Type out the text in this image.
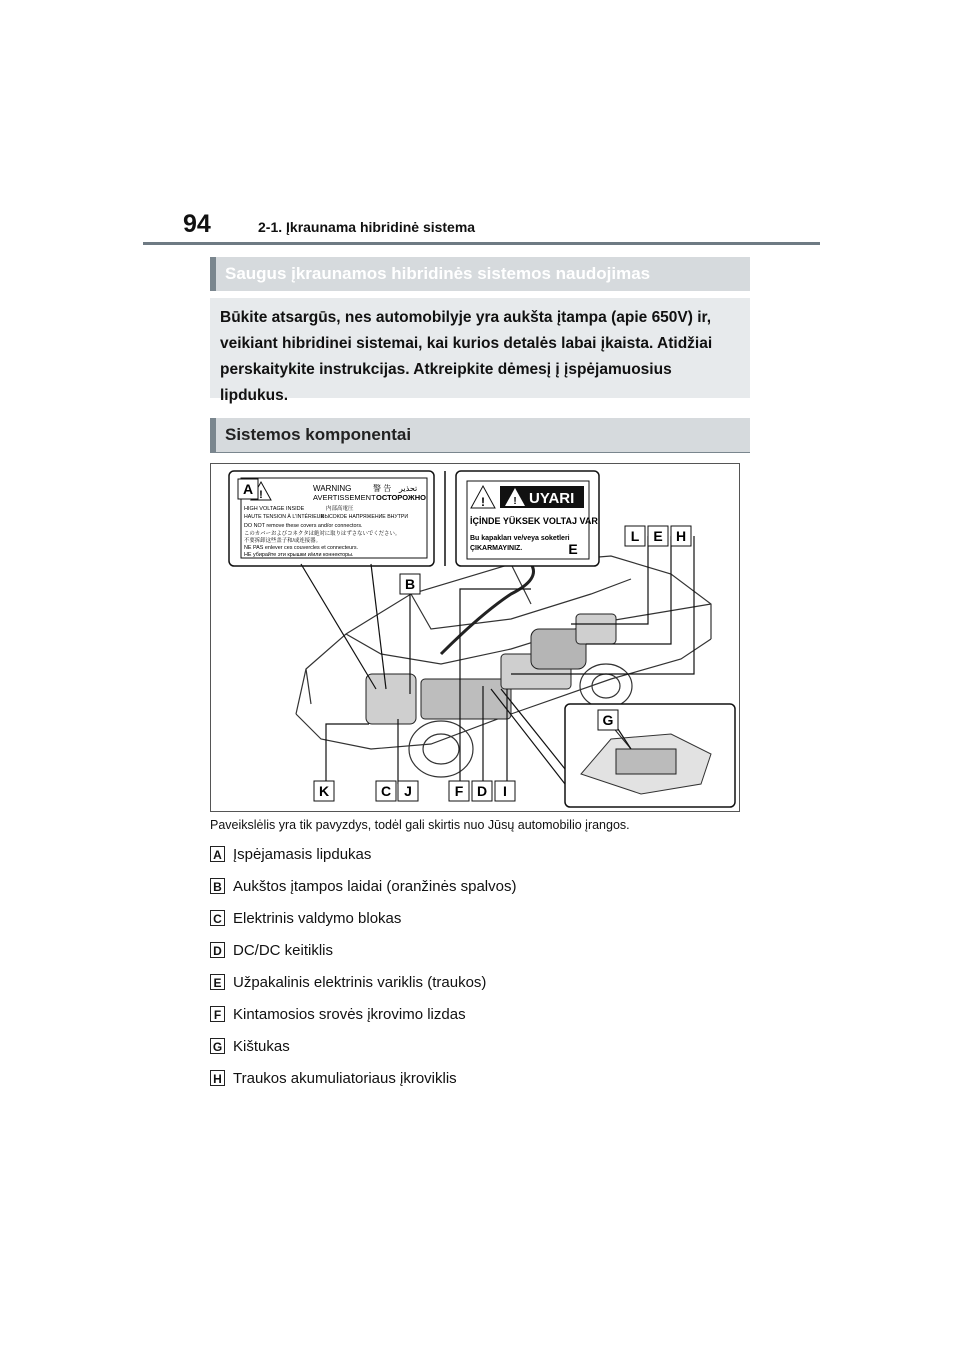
94	2-1. Įkraunama hibridinė sistema
Saugus įkraunamos hibridinės sistemos naudojimas
Būkite atsargūs, nes automobilyje yra aukšta įtampa (apie 650V) ir,
veikiant hibridinei sistemai, kai kurios detalės labai įkaista. Atidžiai
perskaitykite instrukcijas. Atkreipkite dėmesį į įspėjamuosius
lipdukus.
Sistemos komponentai
!
WARNING	警 告 تحذير
AVERTISSEMENT ОСТОРОЖНО
HIGH VOLTAGE INSIDE	内部高電圧
HAUTE TENSION À L'INTÉRIEUR
ВЫСОКОЕ НАПРЯЖЕНИЕ ВНУТРИ
DO NOT remove these covers and/or connectors.
このカバーおよびコネクタは絶対に取りはずさないでください。
不要拆卸这些盖子和/或连接器。
NE PAS enlever ces couvercles et connecteurs.
НЕ убирайте эти крышки и/или коннекторы.
!	! UYARI
İÇİNDE YÜKSEK VOLTAJ VAR
Bu kapakları ve/veya soketleri
ÇIKARMAYINIZ.
A
E
B
L E H
G
K	C J	F D I
Paveikslėlis yra tik pavyzdys, todėl gali skirtis nuo Jūsų automobilio įrangos.
A Įspėjamasis lipdukas
B Aukštos įtampos laidai (oranžinės spalvos)
C Elektrinis valdymo blokas
D DC/DC keitiklis
E Užpakalinis elektrinis variklis (traukos)
F Kintamosios srovės įkrovimo lizdas
G Kištukas
H Traukos akumuliatoriaus įkroviklis
